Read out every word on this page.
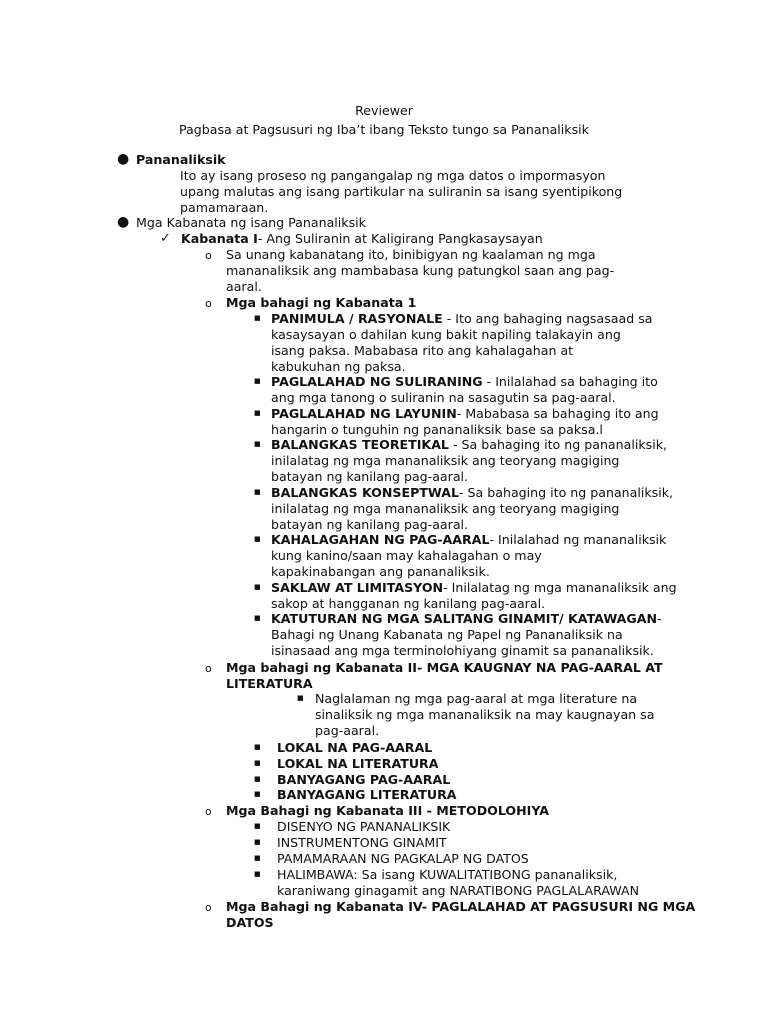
Reviewer
Pagbasa at Pagsusuri ng Iba’t ibang Teksto tungo sa Pananaliksik
● Pananaliksik
Ito ay isang proseso ng pangangalap ng mga datos o impormasyon
upang malutas ang isang partikular na suliranin sa isang syentipikong
pamamaraan.
● Mga Kabanata ng isang Pananaliksik
✓ Kabanata I- Ang Suliranin at Kaligirang Pangkasaysayan
o Sa unang kabanatang ito, binibigyan ng kaalaman ng mga
mananaliksik ang mambabasa kung patungkol saan ang pag-
aaral.
o Mga bahagi ng Kabanata 1
■ PANIMULA / RASYONALE - Ito ang bahaging nagsasaad sa
kasaysayan o dahilan kung bakit napiling talakayin ang
isang paksa. Mababasa rito ang kahalagahan at
kabukuhan ng paksa.
■ PAGLALAHAD NG SULIRANING - Inilalahad sa bahaging ito
ang mga tanong o suliranin na sasagutin sa pag-aaral.
■ PAGLALAHAD NG LAYUNIN- Mababasa sa bahaging ito ang
hangarin o tunguhin ng pananaliksik base sa paksa.l
■ BALANGKAS TEORETIKAL - Sa bahaging ito ng pananaliksik,
inilalatag ng mga mananaliksik ang teoryang magiging
batayan ng kanilang pag-aaral.
■ BALANGKAS KONSEPTWAL- Sa bahaging ito ng pananaliksik,
inilalatag ng mga mananaliksik ang teoryang magiging
batayan ng kanilang pag-aaral.
■ KAHALAGAHAN NG PAG-AARAL- Inilalahad ng mananaliksik
kung kanino/saan may kahalagahan o may
kapakinabangan ang pananaliksik.
■ SAKLAW AT LIMITASYON- Inilalatag ng mga mananaliksik ang
sakop at hangganan ng kanilang pag-aaral.
■ KATUTURAN NG MGA SALITANG GINAMIT/ KATAWAGAN-
Bahagi ng Unang Kabanata ng Papel ng Pananaliksik na
isinasaad ang mga terminolohiyang ginamit sa pananaliksik.
o Mga bahagi ng Kabanata II- MGA KAUGNAY NA PAG-AARAL AT
LITERATURA
■ Naglalaman ng mga pag-aaral at mga literature na
sinaliksik ng mga mananaliksik na may kaugnayan sa
pag-aaral.
■ LOKAL NA PAG-AARAL
■ LOKAL NA LITERATURA
■ BANYAGANG PAG-AARAL
■ BANYAGANG LITERATURA
o Mga Bahagi ng Kabanata III - METODOLOHIYA
■ DISENYO NG PANANALIKSIK
■ INSTRUMENTONG GINAMIT
■ PAMAMARAAN NG PAGKALAP NG DATOS
■ HALIMBAWA: Sa isang KUWALITATIBONG pananaliksik,
karaniwang ginagamit ang NARATIBONG PAGLALARAWAN
o Mga Bahagi ng Kabanata IV- PAGLALAHAD AT PAGSUSURI NG MGA
DATOS
